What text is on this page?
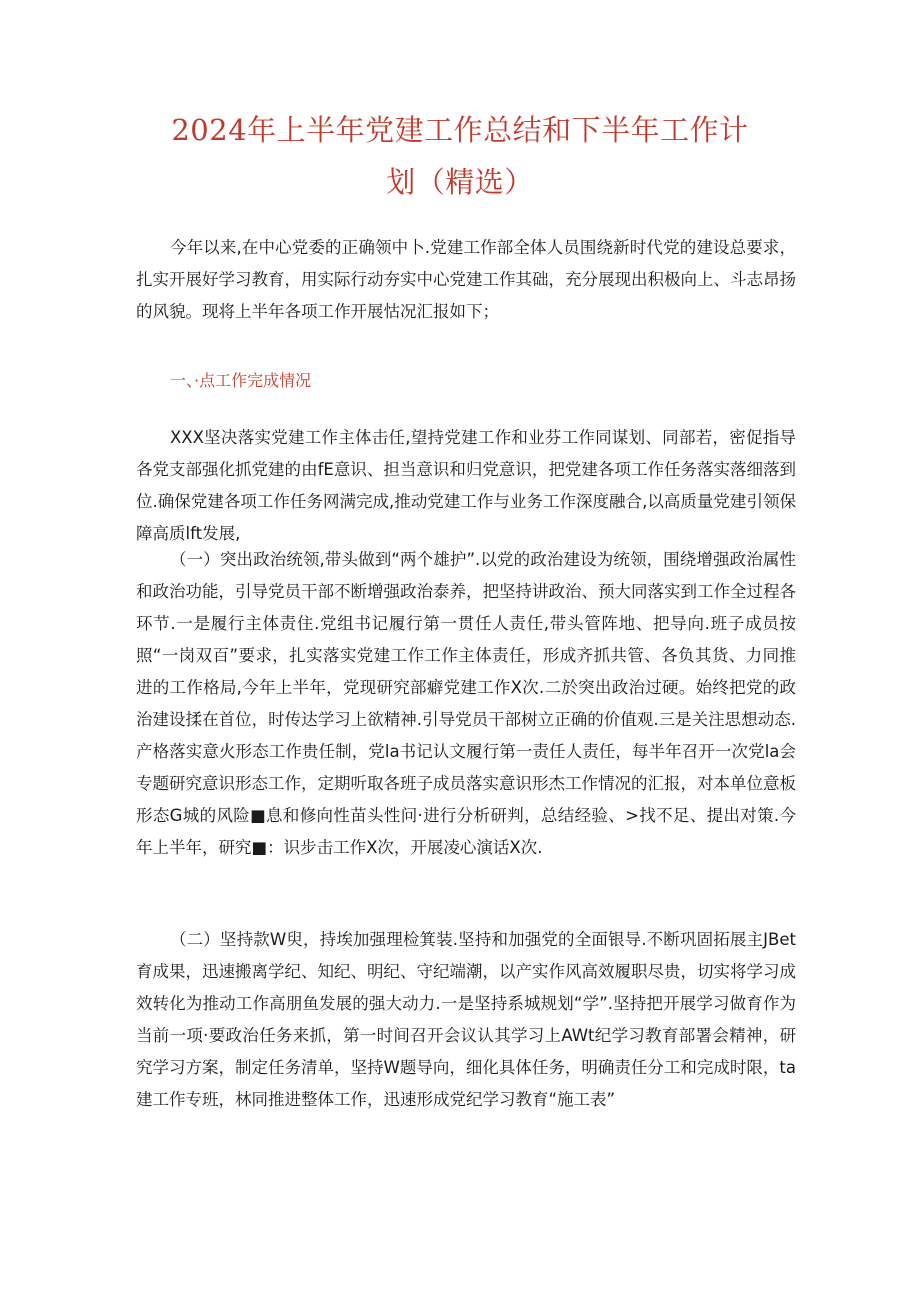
2024年上半年党建工作总结和下半年工作计
划（精选）

今年以来,在中心党委的正确领中卜.党建工作部全体人员围绕新时代党的建设总要求，扎实开展好学习教育，用实际行动夯实中心党建工作其础，充分展现出积极向上、斗志昂扬的风貌。现将上半年各项工作开展怙况汇报如下；

一、·点工作完成情况

XXX坚决落实党建工作主体击任,望持党建工作和业芬工作同谋划、同部若，密促指导各党支部强化抓党建的由fE意识、担当意识和归党意识，把党建各项工作任务落实落细落到位.确保党建各项工作任务网满完成,推动党建工作与业务工作深度融合,以高质量党建引领保障高质lft发展,

（一）突出政治统领,带头做到“两个雄护”.以党的政治建设为统领，围绕增强政治属性和政治功能，引导党员干部不断增强政治泰养，把坚持讲政治、预大同落实到工作全过程各环节.一是履行主体责住.党组书记履行第一贯任人责任,带头管阵地、把导向.班子成员按照“一岗双百”要求，扎实落实党建工作工作主体责任，形成齐抓共管、各负其货、力同推进的工作格局,今年上半年，党现研究部癖党建工作X次.二於突出政治过硬。始终把党的政治建设揉在首位，时传达学习上欲精神.引导党员干部树立正确的价值观.三是关注思想动态.产格落实意火形态工作贵任制，党la书记认文履行第一责任人责任，每半年召开一次党la会专题研究意识形态工作，定期听取各班子成员落实意识形杰工作情况的汇报，对本单位意板形态G城的风险■息和修向性苗头性问·进行分析研判，总结经验、>找不足、提出对策.今年上半年，研究■：识步击工作X次，开展凌心演话X次.

（二）坚持款W臾，持埃加强理检箕装.坚持和加强党的全面银导.不断巩固拓展主JBet育成果，迅速搬离学纪、知纪、明纪、守纪端潮，以产实作风高效履职尽贵，切实将学习成效转化为推动工作高朋鱼发展的强大动力.一是坚持系城规划“学”.坚持把开展学习做育作为当前一项·要政治任务来抓，第一时间召开会议认其学习上AWt纪学习教育部署会精神，研究学习方案，制定任务清单，坚持W题导向，细化具体任务，明确责任分工和完成时限，ta建工作专班，林同推进整体工作，迅速形成党纪学习教育“施工表”
